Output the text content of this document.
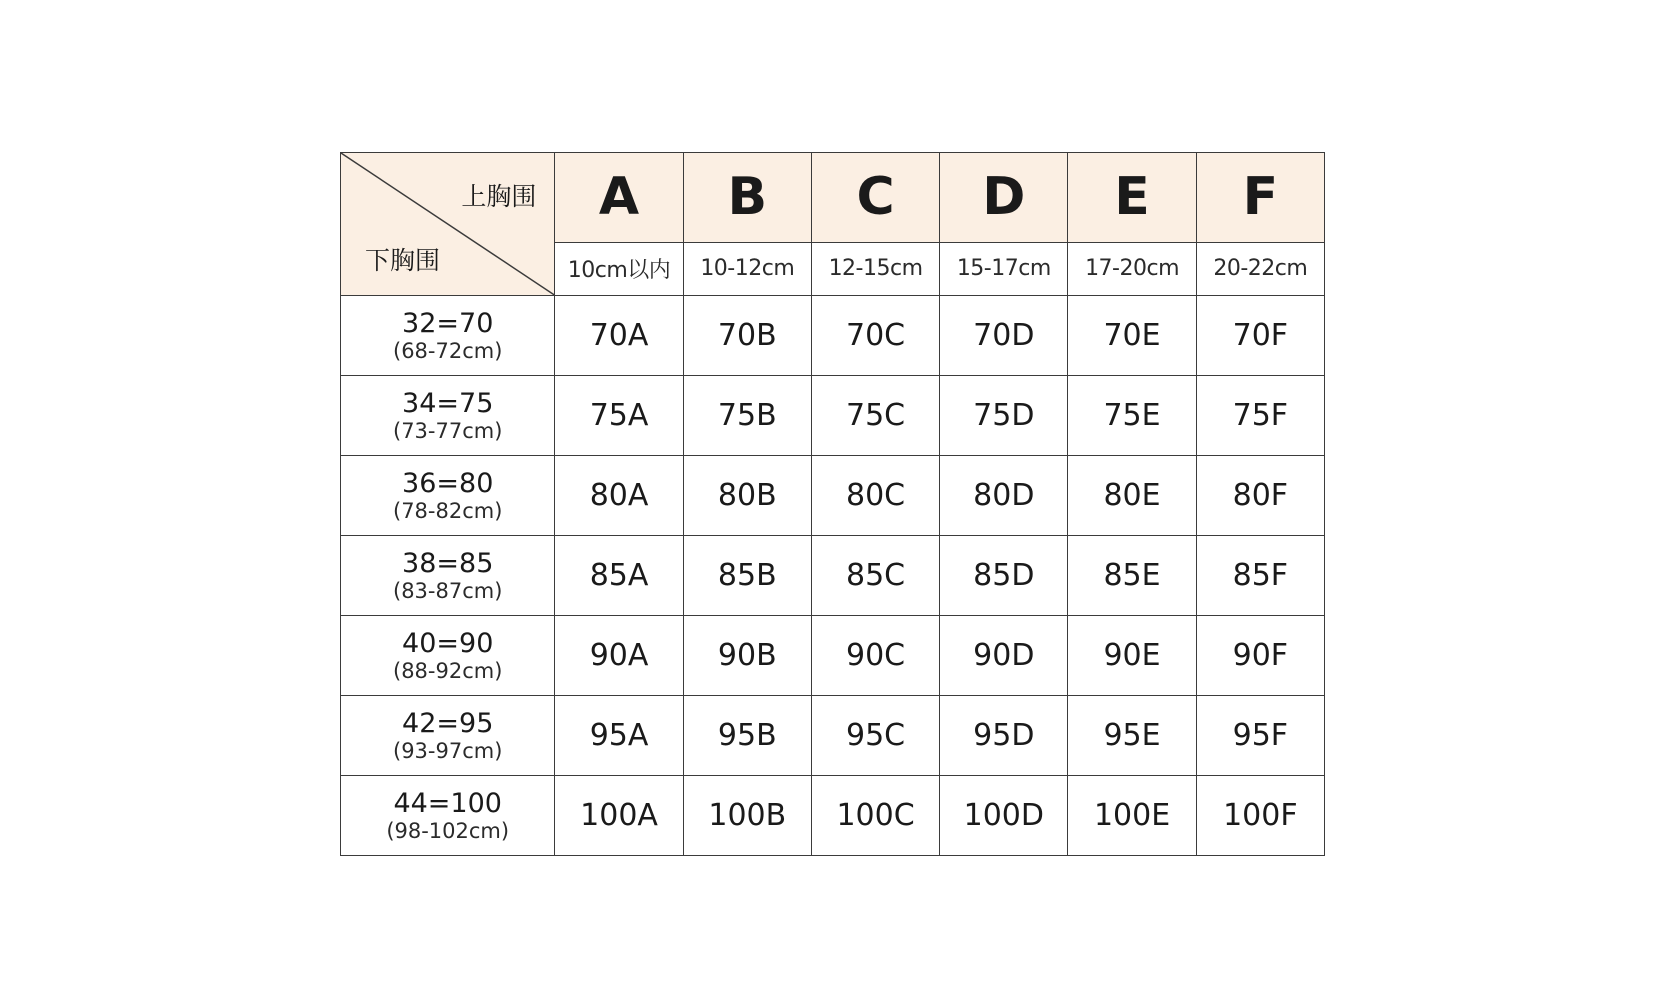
上胸围
下胸围	A	B	C	D	E	F
	10cm以内	10-12cm	12-15cm	15-17cm	17-20cm	20-22cm

32=70
(68-72cm)	70A	70B	70C	70D	70E	70F

34=75
(73-77cm)	75A	75B	75C	75D	75E	75F

36=80
(78-82cm)	80A	80B	80C	80D	80E	80F

38=85
(83-87cm)	85A	85B	85C	85D	85E	85F

40=90
(88-92cm)	90A	90B	90C	90D	90E	90F

42=95
(93-97cm)	95A	95B	95C	95D	95E	95F

44=100
(98-102cm)	100A	100B	100C	100D	100E	100F
